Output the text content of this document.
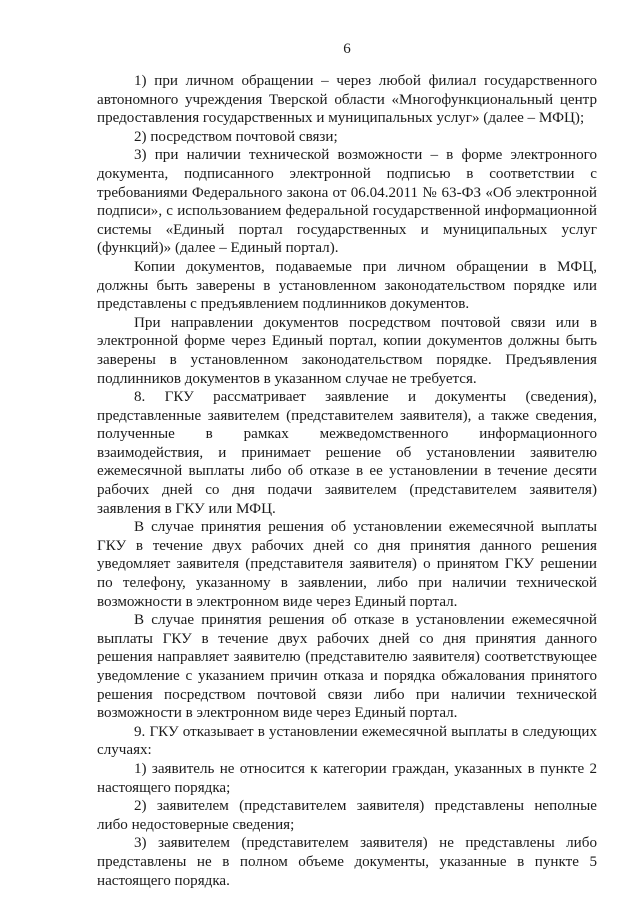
6

1) при личном обращении – через любой филиал государственного автономного учреждения Тверской области «Многофункциональный центр предоставления государственных и муниципальных услуг» (далее – МФЦ);

2) посредством почтовой связи;

3) при наличии технической возможности – в форме электронного документа, подписанного электронной подписью в соответствии с требованиями Федерального закона от 06.04.2011 № 63-ФЗ «Об электронной подписи», с использованием федеральной государственной информационной системы «Единый портал государственных и муниципальных услуг (функций)» (далее – Единый портал).

Копии документов, подаваемые при личном обращении в МФЦ, должны быть заверены в установленном законодательством порядке или представлены с предъявлением подлинников документов.

При направлении документов посредством почтовой связи или в электронной форме через Единый портал, копии документов должны быть заверены в установленном законодательством порядке. Предъявления подлинников документов в указанном случае не требуется.

8. ГКУ рассматривает заявление и документы (сведения), представленные заявителем (представителем заявителя), а также сведения, полученные в рамках межведомственного информационного взаимодействия, и принимает решение об установлении заявителю ежемесячной выплаты либо об отказе в ее установлении в течение десяти рабочих дней со дня подачи заявителем (представителем заявителя) заявления в ГКУ или МФЦ.

В случае принятия решения об установлении ежемесячной выплаты ГКУ в течение двух рабочих дней со дня принятия данного решения уведомляет заявителя (представителя заявителя) о принятом ГКУ решении по телефону, указанному в заявлении, либо при наличии технической возможности в электронном виде через Единый портал.

В случае принятия решения об отказе в установлении ежемесячной выплаты ГКУ в течение двух рабочих дней со дня принятия данного решения направляет заявителю (представителю заявителя) соответствующее уведомление с указанием причин отказа и порядка обжалования принятого решения посредством почтовой связи либо при наличии технической возможности в электронном виде через Единый портал.

9. ГКУ отказывает в установлении ежемесячной выплаты в следующих случаях:

1) заявитель не относится к категории граждан, указанных в пункте 2 настоящего порядка;

2) заявителем (представителем заявителя) представлены неполные либо недостоверные сведения;

3) заявителем (представителем заявителя) не представлены либо представлены не в полном объеме документы, указанные в пункте 5 настоящего порядка.
